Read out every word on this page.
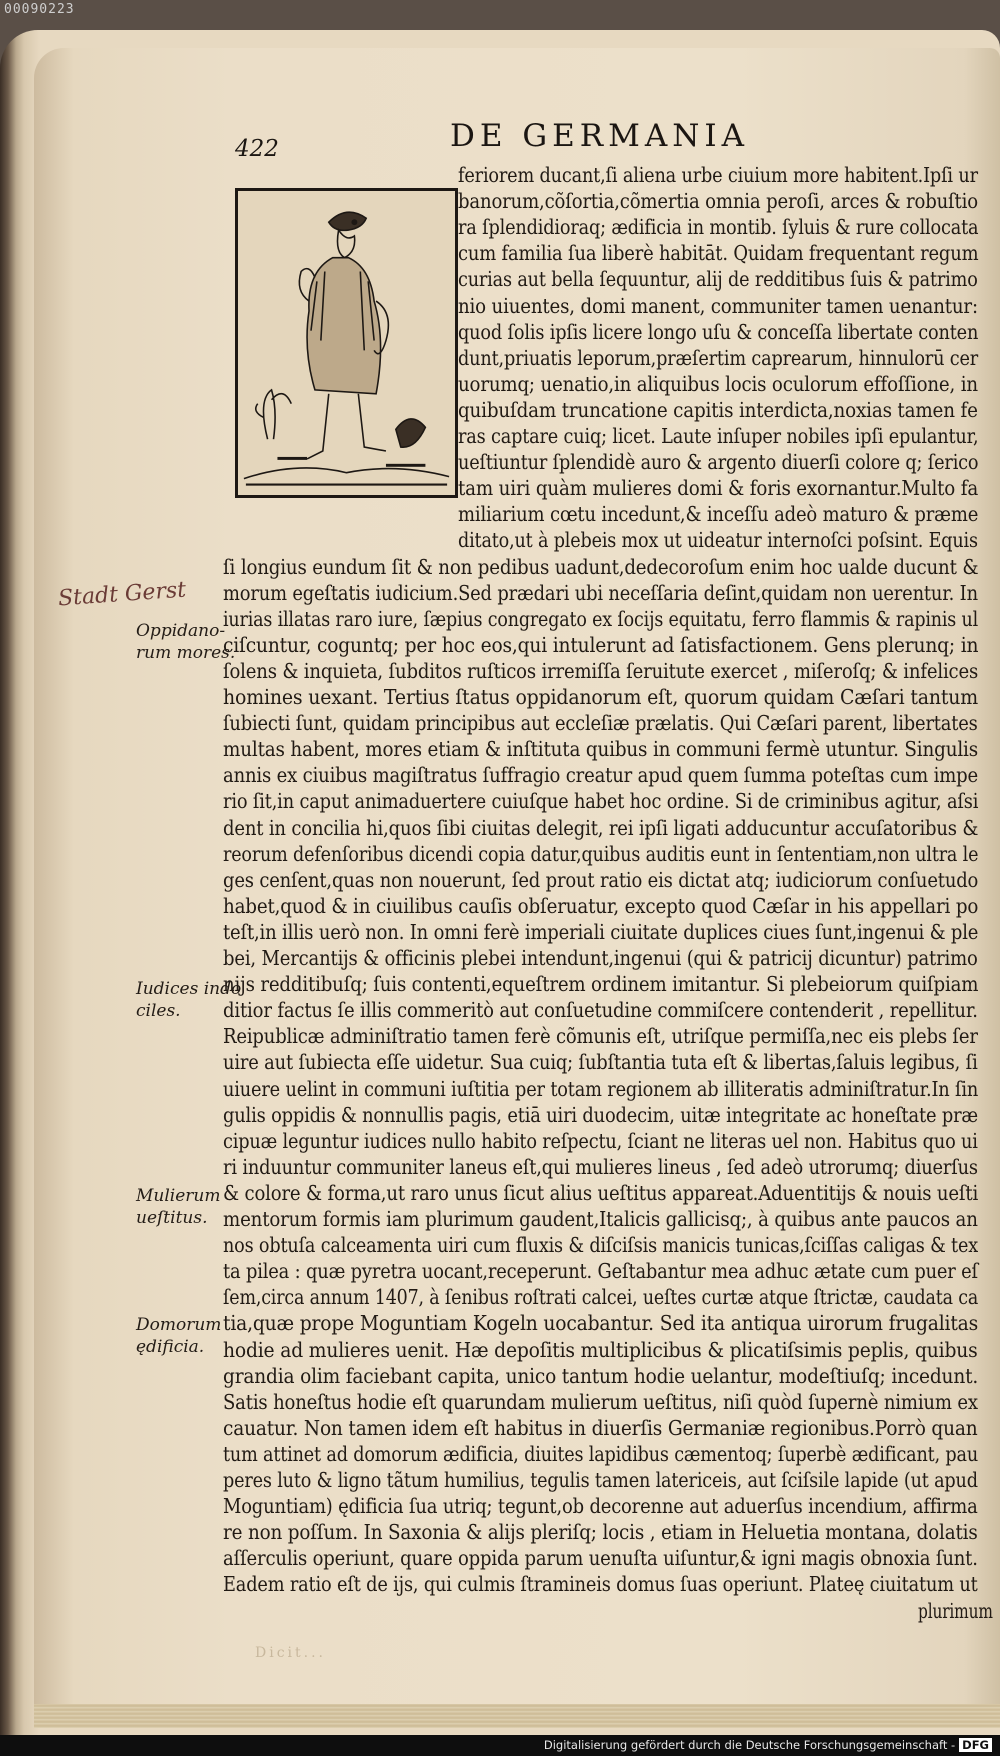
00090223
422	DE GERMANIA
feriorem ducant,ſi aliena urbe ciuium more habitent.Ipſi ur
banorum,cõſortia,cõmertia omnia peroſi, arces & robuſtio
ra ſplendidioraq; ædificia in montib. ſyluis & rure collocata
cum familia ſua liberè habitāt. Quidam frequentant regum
curias aut bella ſequuntur, alij de redditibus ſuis & patrimo
nio uiuentes, domi manent, communiter tamen uenantur:
quod ſolis ipſis licere longo uſu & conceſſa libertate conten
dunt,priuatis leporum,præſertim caprearum, hinnulorū cer
uorumq; uenatio,in aliquibus locis oculorum effoſſione, in
quibuſdam truncatione capitis interdicta,noxias tamen fe
ras captare cuiq; licet. Laute inſuper nobiles ipſi epulantur,
ueſtiuntur ſplendidè auro & argento diuerſi colore q; ſerico
tam uiri quàm mulieres domi & foris exornantur.Multo fa
miliarium cœtu incedunt,& inceſſu adeò maturo & præme
ditato,ut à plebeis mox ut uideatur internoſci poſsint. Equis
ſi longius eundum ſit & non pedibus uadunt,dedecoroſum enim hoc ualde ducunt &
morum egeſtatis iudicium.Sed prædari ubi neceſſaria deſint,quidam non uerentur. In
iurias illatas raro iure, ſæpius congregato ex ſocijs equitatu, ferro flammis & rapinis ul
ciſcuntur, coguntq; per hoc eos,qui intulerunt ad ſatisfactionem. Gens plerunq; in
ſolens & inquieta, ſubditos ruſticos irremiſſa ſeruitute exercet , miſeroſq; & infelices
homines uexant. Tertius ſtatus oppidanorum eſt, quorum quidam Cæſari tantum
ſubiecti ſunt, quidam principibus aut eccleſiæ prælatis. Qui Cæſari parent, libertates
multas habent, mores etiam & inſtituta quibus in communi fermè utuntur. Singulis
annis ex ciuibus magiſtratus ſuffragio creatur apud quem ſumma poteſtas cum impe
rio ſit,in caput animaduertere cuiuſque habet hoc ordine. Si de criminibus agitur, aſsi
dent in concilia hi,quos ſibi ciuitas delegit, rei ipſi ligati adducuntur accuſatoribus &
reorum defenſoribus dicendi copia datur,quibus auditis eunt in ſententiam,non ultra le
ges cenſent,quas non nouerunt, ſed prout ratio eis dictat atq; iudiciorum conſuetudo
habet,quod & in ciuilibus cauſis obſeruatur, excepto quod Cæſar in his appellari po
teſt,in illis uerò non. In omni ferè imperiali ciuitate duplices ciues ſunt,ingenui & ple
bei, Mercantijs & officinis plebei intendunt,ingenui (qui & patricij dicuntur) patrimo
nijs redditibuſq; ſuis contenti,equeſtrem ordinem imitantur. Si plebeiorum quiſpiam
ditior factus ſe illis commeritò aut conſuetudine commiſcere contenderit , repellitur.
Reipublicæ adminiſtratio tamen ferè cõmunis eſt, utriſque permiſſa,nec eis plebs ſer
uire aut ſubiecta eſſe uidetur. Sua cuiq; ſubſtantia tuta eſt & libertas,ſaluis legibus, ſi
uiuere uelint in communi iuſtitia per totam regionem ab illiteratis adminiſtratur.In ſin
gulis oppidis & nonnullis pagis, etiā uiri duodecim, uitæ integritate ac honeſtate præ
cipuæ leguntur iudices nullo habito reſpectu, ſciant ne literas uel non. Habitus quo ui
ri induuntur communiter laneus eſt,qui mulieres lineus , ſed adeò utrorumq; diuerſus
& colore & forma,ut raro unus ſicut alius ueſtitus appareat.Aduentitijs & nouis ueſti
mentorum formis iam plurimum gaudent,Italicis gallicisq;, à quibus ante paucos an
nos obtuſa calceamenta uiri cum fluxis & diſciſsis manicis tunicas,ſciſſas caligas & tex
ta pilea : quæ pyretra uocant,receperunt. Geſtabantur mea adhuc ætate cum puer eſ
ſem,circa annum 1407, à ſenibus roſtrati calcei, ueſtes curtæ atque ſtrictæ, caudata ca
tia,quæ prope Moguntiam Kogeln uocabantur. Sed ita antiqua uirorum frugalitas
hodie ad mulieres uenit. Hæ depoſitis multiplicibus & plicatiſsimis peplis, quibus
grandia olim faciebant capita, unico tantum hodie uelantur, modeſtiuſq; incedunt.
Satis honeſtus hodie eſt quarundam mulierum ueſtitus, niſi quòd ſupernè nimium ex
cauatur. Non tamen idem eſt habitus in diuerſis Germaniæ regionibus.Porrò quan
tum attinet ad domorum ædificia, diuites lapidibus cæmentoq; ſuperbè ædificant, pau
peres luto & ligno tãtum humilius, tegulis tamen latericeis, aut ſciſsile lapide (ut apud
Moguntiam) ędificia ſua utriq; tegunt,ob decorenne aut aduerſus incendium, affirma
re non poſſum. In Saxonia & alijs pleriſq; locis , etiam in Heluetia montana, dolatis
aſſerculis operiunt, quare oppida parum uenuſta uiſuntur,& igni magis obnoxia ſunt.
Eadem ratio eſt de ijs, qui culmis ſtramineis domus ſuas operiunt. Plateę ciuitatum ut
plurimum
Oppidano-
rum mores.
Iudices indo
ciles.
Mulierum
ueſtitus.
Domorum
ędificia.
Stadt Gerst
Dicit...
Digitalisierung gefördert durch die Deutsche Forschungsgemeinschaft - DFG
